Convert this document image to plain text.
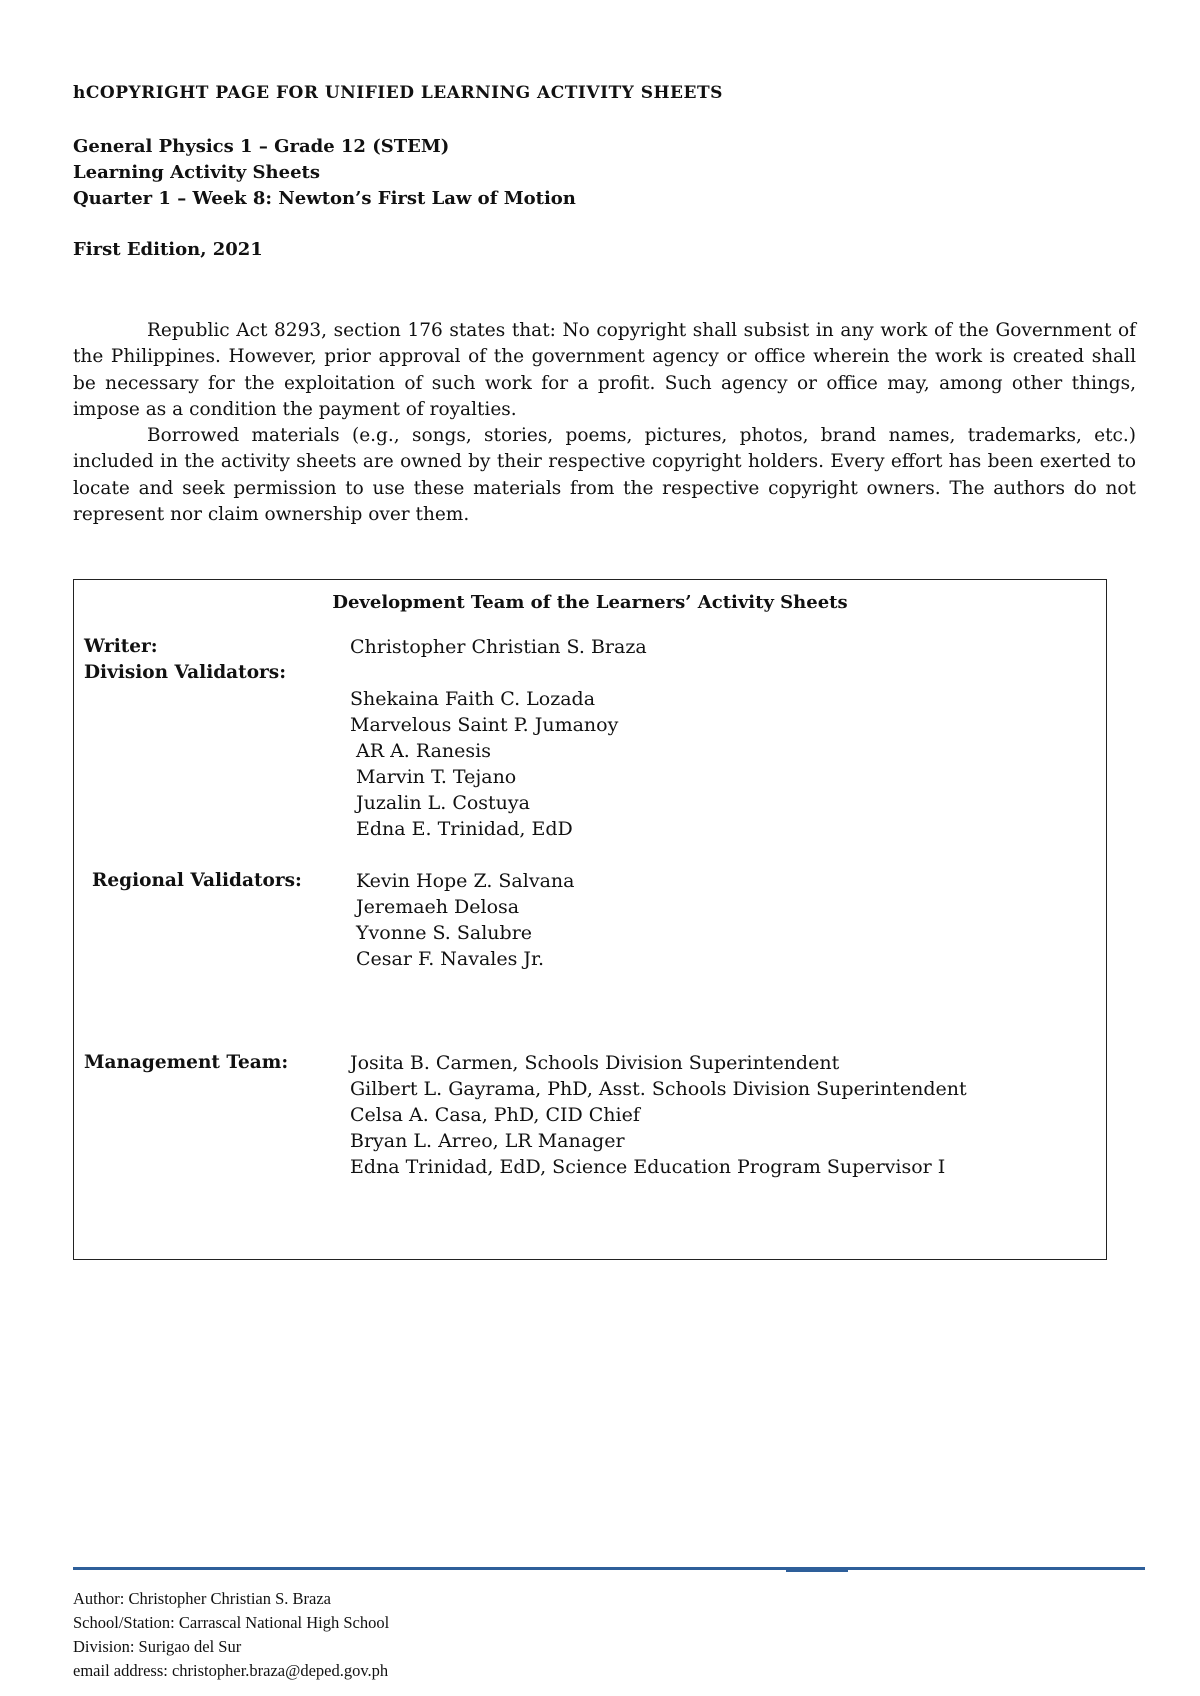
hCOPYRIGHT PAGE FOR UNIFIED LEARNING ACTIVITY SHEETS
General Physics 1 – Grade 12 (STEM)
Learning Activity Sheets
Quarter 1 – Week 8: Newton’s First Law of Motion
First Edition, 2021

Republic Act 8293, section 176 states that: No copyright shall subsist in any work of the Government of the Philippines. However, prior approval of the government agency or office wherein the work is created shall be necessary for the exploitation of such work for a profit. Such agency or office may, among other things, impose as a condition the payment of royalties.

Borrowed materials (e.g., songs, stories, poems, pictures, photos, brand names, trademarks, etc.) included in the activity sheets are owned by their respective copyright holders. Every effort has been exerted to locate and seek permission to use these materials from the respective copyright owners. The authors do not represent nor claim ownership over them.

Development Team of the Learners’ Activity Sheets
Writer:	Christopher Christian S. Braza
Division Validators:
Shekaina Faith C. Lozada
Marvelous Saint P. Jumanoy
AR A. Ranesis
Marvin T. Tejano
Juzalin L. Costuya
Edna E. Trinidad, EdD
Regional Validators:	Kevin Hope Z. Salvana
Jeremaeh Delosa
Yvonne S. Salubre
Cesar F. Navales Jr.
Management Team:	Josita B. Carmen, Schools Division Superintendent
Gilbert L. Gayrama, PhD, Asst. Schools Division Superintendent
Celsa A. Casa, PhD, CID Chief
Bryan L. Arreo, LR Manager
Edna Trinidad, EdD, Science Education Program Supervisor I
Author: Christopher Christian S. Braza
School/Station: Carrascal National High School
Division: Surigao del Sur
email address: christopher.braza@deped.gov.ph
